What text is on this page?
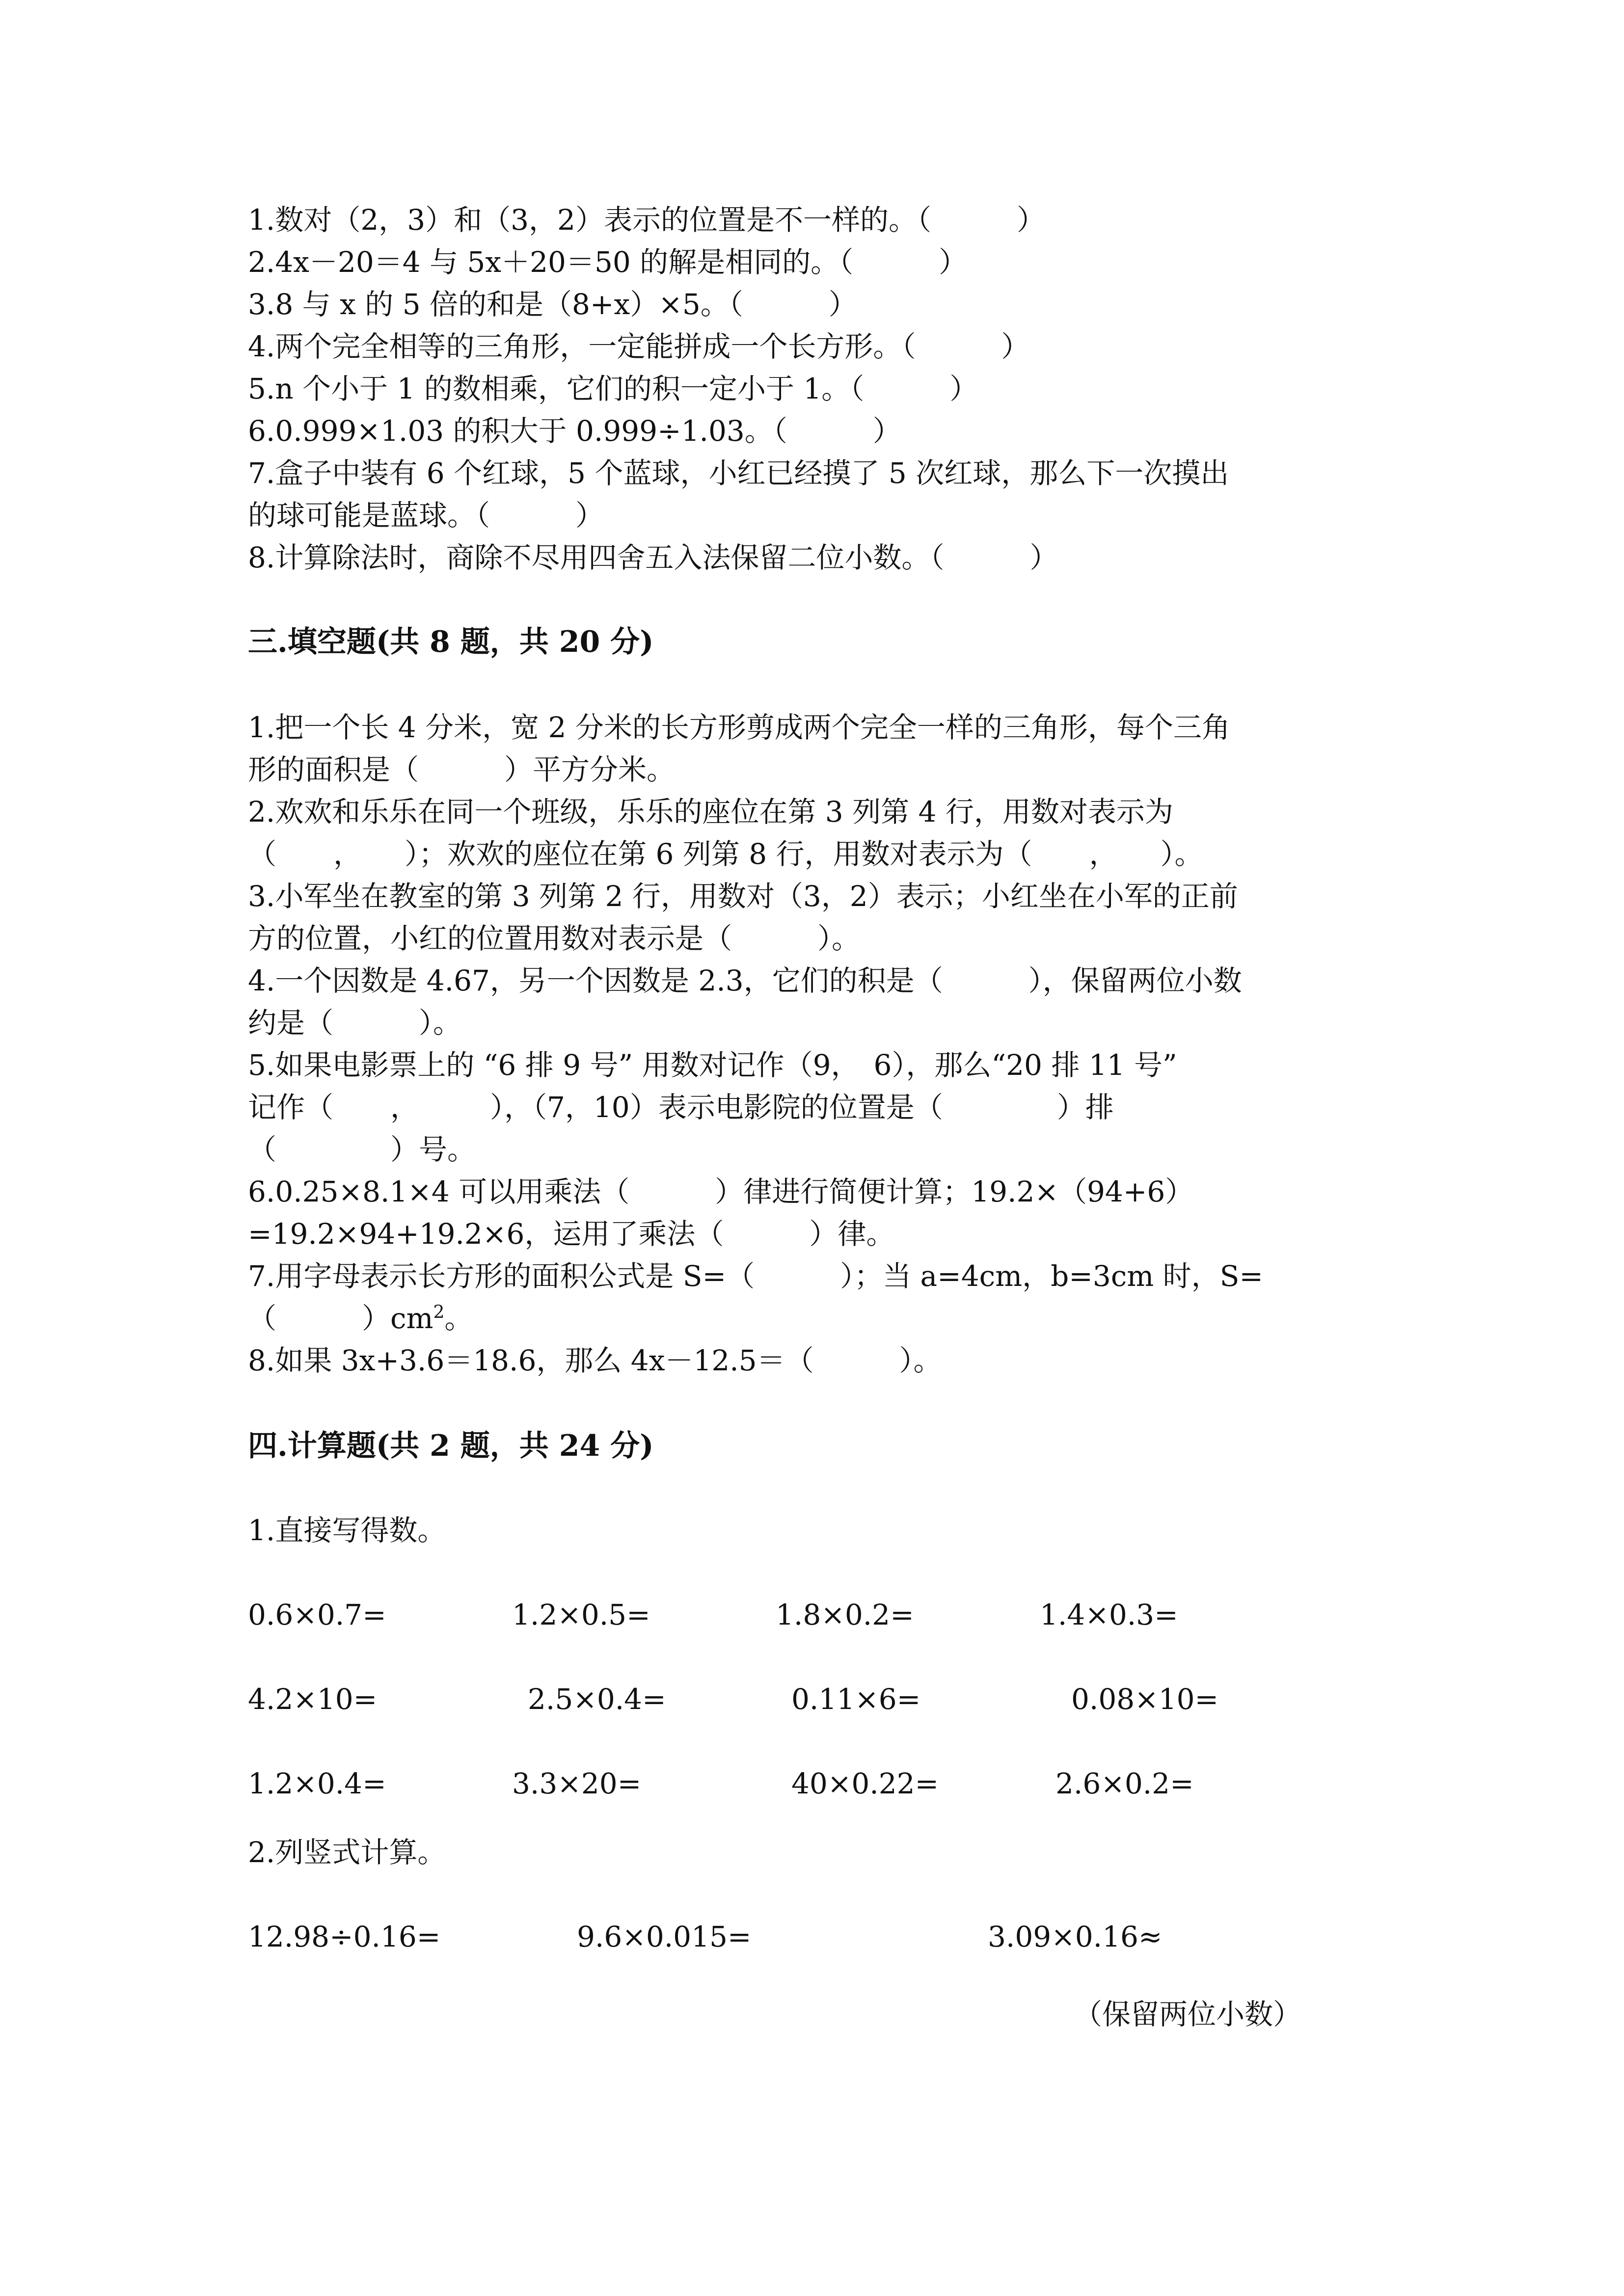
1.数对（2，3）和（3，2）表示的位置是不一样的。（　　　）
2.4x－20＝4 与 5x＋20＝50 的解是相同的。（　　　）
3.8 与 x 的 5 倍的和是（8+x）×5。（　　　）
4.两个完全相等的三角形，一定能拼成一个长方形。（　　　）
5.n 个小于 1 的数相乘，它们的积一定小于 1。（　　　）
6.0.999×1.03 的积大于 0.999÷1.03。（　　　）
7.盒子中装有 6 个红球，5 个蓝球，小红已经摸了 5 次红球，那么下一次摸出
的球可能是蓝球。（　　　）
8.计算除法时，商除不尽用四舍五入法保留二位小数。（　　　）
三.填空题(共 8 题，共 20 分)
1.把一个长 4 分米，宽 2 分米的长方形剪成两个完全一样的三角形，每个三角
形的面积是（　　　）平方分米。
2.欢欢和乐乐在同一个班级，乐乐的座位在第 3 列第 4 行，用数对表示为
（　　，　　）；欢欢的座位在第 6 列第 8 行，用数对表示为（　　，　　）。
3.小军坐在教室的第 3 列第 2 行，用数对（3，2）表示；小红坐在小军的正前
方的位置，小红的位置用数对表示是（　　　）。
4.一个因数是 4.67，另一个因数是 2.3，它们的积是（　　　），保留两位小数
约是（　　　）。
5.如果电影票上的 “6 排 9 号” 用数对记作（9，　6），那么“20 排 11 号”
记作（　　，　　　），（7，10）表示电影院的位置是（　　　　）排
（　　　　）号。
6.0.25×8.1×4 可以用乘法（　　　）律进行简便计算；19.2×（94+6）
=19.2×94+19.2×6，运用了乘法（　　　）律。
7.用字母表示长方形的面积公式是 S=（　　　）；当 a=4cm，b=3cm 时，S=
（　　　）$cm^2$。
8.如果 3x+3.6＝18.6，那么 4x－12.5＝（　　　）。
四.计算题(共 2 题，共 24 分)
1.直接写得数。
0.6×0.7=	1.2×0.5=	1.8×0.2=	1.4×0.3=
4.2×10=	2.5×0.4=	0.11×6=	0.08×10=
1.2×0.4=	3.3×20=	40×0.22=	2.6×0.2=
2.列竖式计算。
12.98÷0.16=	9.6×0.015=	3.09×0.16≈
（保留两位小数）
